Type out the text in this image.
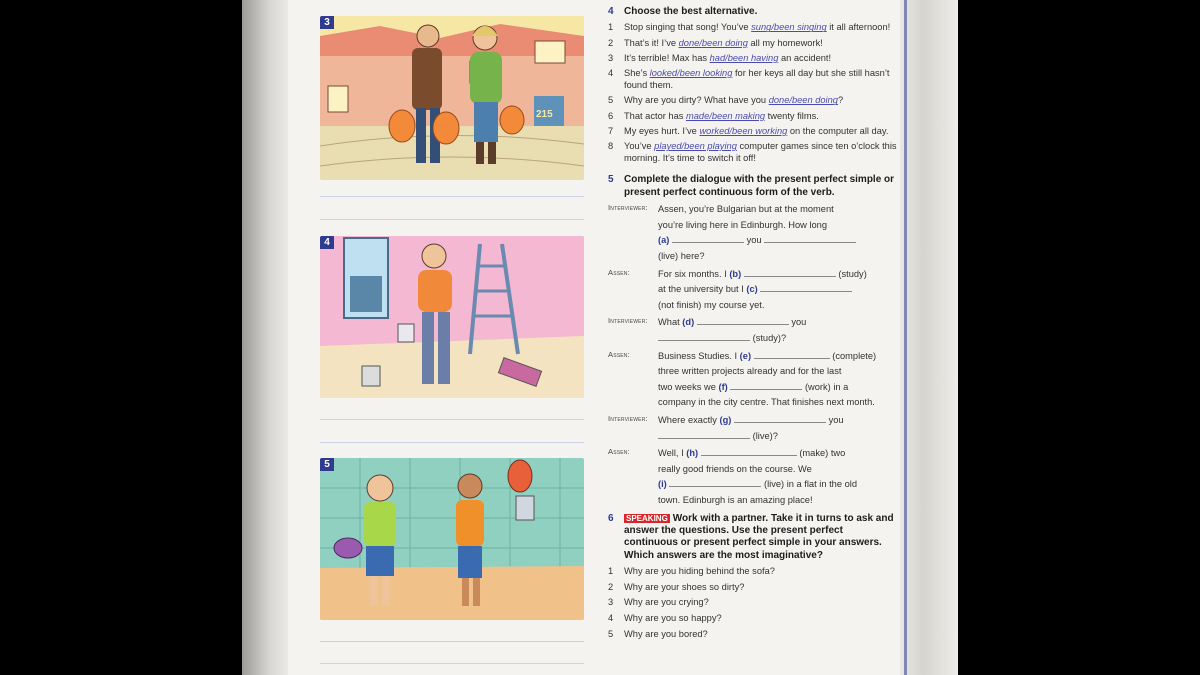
215
3
4
5
4	Choose the best alternative.
1	Stop singing that song! You’ve sung/been singing it all afternoon!
2	That’s it! I’ve done/been doing all my homework!
3	It’s terrible! Max has had/been having an accident!
4	She’s looked/been looking for her keys all day but she still hasn’t found them.
5	Why are you dirty? What have you done/been doing?
6	That actor has made/been making twenty films.
7	My eyes hurt. I’ve worked/been working on the computer all day.
8	You’ve played/been playing computer games since ten o’clock this morning. It’s time to switch it off!
5	Complete the dialogue with the present perfect simple or present perfect continuous form of the verb.
Interviewer:	Assen, you’re Bulgarian but at the moment
you’re living here in Edinburgh. How long
(a)	you
(live) here?
Assen:	For six months. I (b)	(study)
at the university but I (c)
(not finish) my course yet.
Interviewer:	What (d)	you
(study)?
Assen:	Business Studies. I (e)	(complete)
three written projects already and for the last
two weeks we (f)	(work) in a
company in the city centre. That finishes next month.
Interviewer:	Where exactly (g)	you
(live)?
Assen:	Well, I (h)	(make) two
really good friends on the course. We
(i)	(live) in a flat in the old
town. Edinburgh is an amazing place!
6	SPEAKING Work with a partner. Take it in turns to ask and answer the questions. Use the present perfect continuous or present perfect simple in your answers. Which answers are the most imaginative?
1	Why are you hiding behind the sofa?
2	Why are your shoes so dirty?
3	Why are you crying?
4	Why are you so happy?
5	Why are you bored?
